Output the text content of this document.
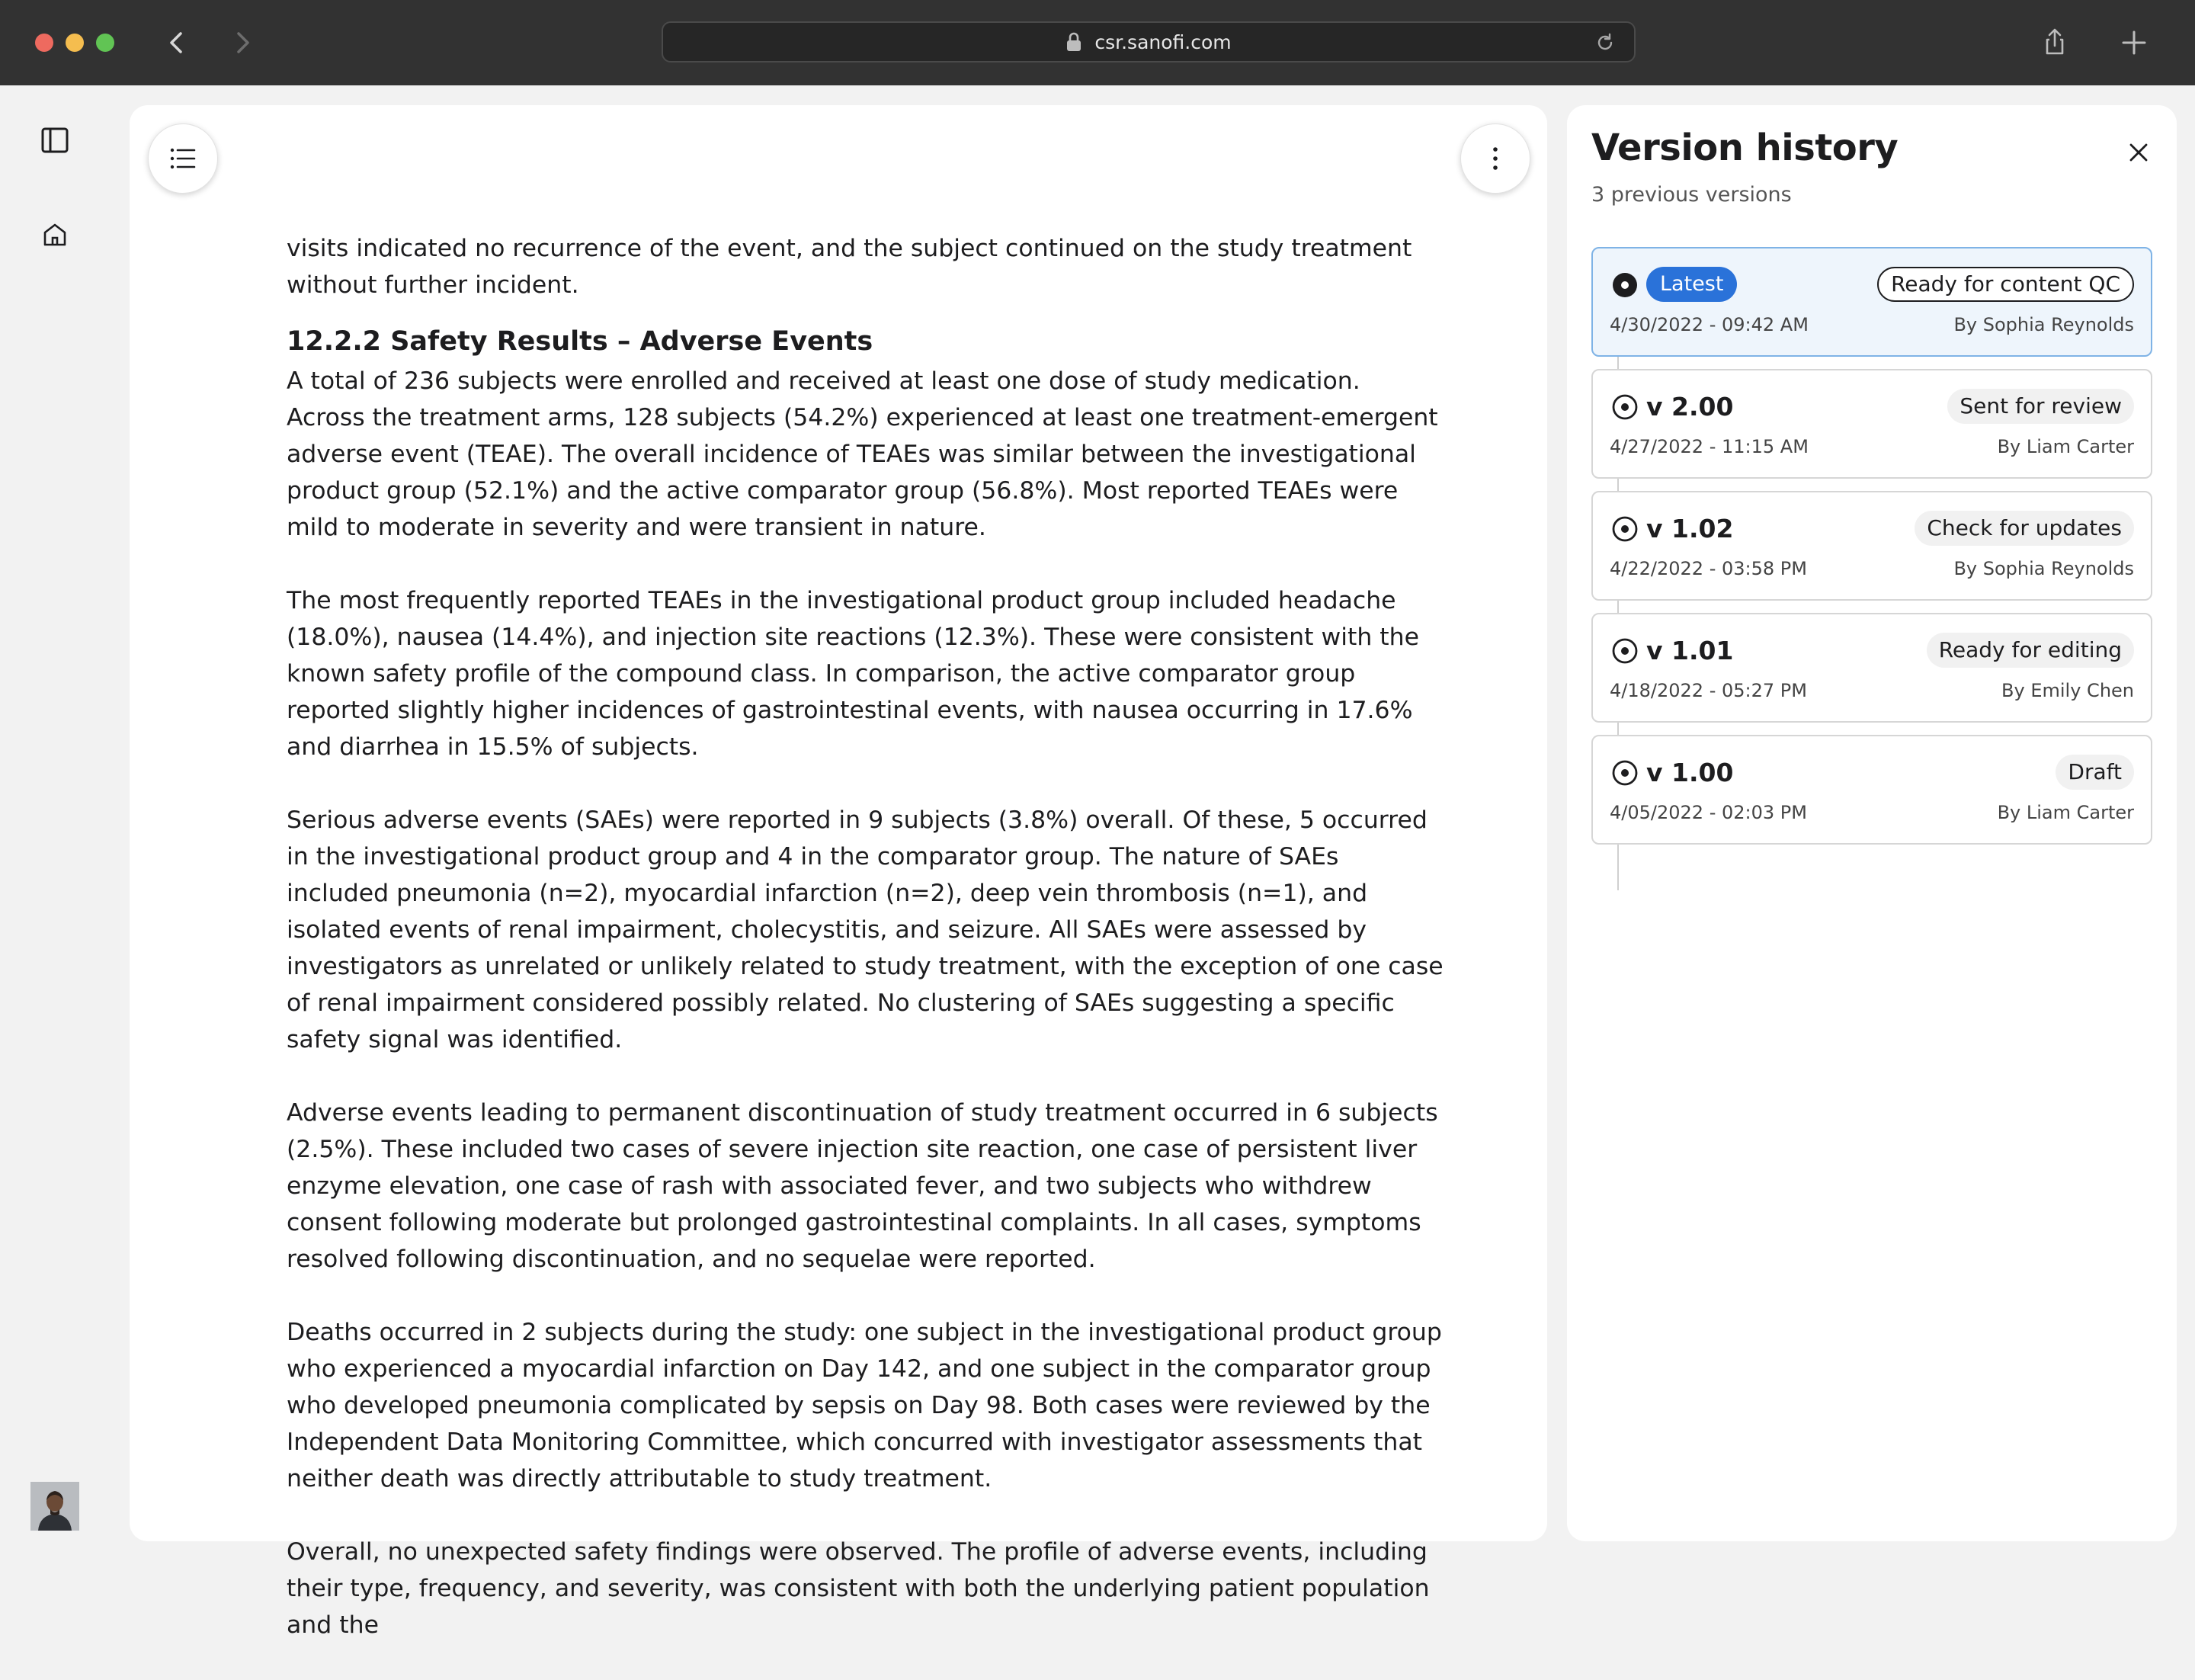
csr.sanofi.com

visits indicated no recurrence of the event, and the subject continued on the study treatment without further incident.

12.2.2 Safety Results – Adverse Events

A total of 236 subjects were enrolled and received at least one dose of study medication. Across the treatment arms, 128 subjects (54.2%) experienced at least one treatment-emergent adverse event (TEAE). The overall incidence of TEAEs was similar between the investigational product group (52.1%) and the active comparator group (56.8%). Most reported TEAEs were mild to moderate in severity and were transient in nature.

The most frequently reported TEAEs in the investigational product group included headache (18.0%), nausea (14.4%), and injection site reactions (12.3%). These were consistent with the known safety profile of the compound class. In comparison, the active comparator group reported slightly higher incidences of gastrointestinal events, with nausea occurring in 17.6% and diarrhea in 15.5% of subjects.

Serious adverse events (SAEs) were reported in 9 subjects (3.8%) overall. Of these, 5 occurred in the investigational product group and 4 in the comparator group. The nature of SAEs included pneumonia (n=2), myocardial infarction (n=2), deep vein thrombosis (n=1), and isolated events of renal impairment, cholecystitis, and seizure. All SAEs were assessed by investigators as unrelated or unlikely related to study treatment, with the exception of one case of renal impairment considered possibly related. No clustering of SAEs suggesting a specific safety signal was identified.

Adverse events leading to permanent discontinuation of study treatment occurred in 6 subjects (2.5%). These included two cases of severe injection site reaction, one case of persistent liver enzyme elevation, one case of rash with associated fever, and two subjects who withdrew consent following moderate but prolonged gastrointestinal complaints. In all cases, symptoms resolved following discontinuation, and no sequelae were reported.

Deaths occurred in 2 subjects during the study: one subject in the investigational product group who experienced a myocardial infarction on Day 142, and one subject in the comparator group who developed pneumonia complicated by sepsis on Day 98. Both cases were reviewed by the Independent Data Monitoring Committee, which concurred with investigator assessments that neither death was directly attributable to study treatment.

Overall, no unexpected safety findings were observed. The profile of adverse events, including their type, frequency, and severity, was consistent with both the underlying patient population and the

Version history
3 previous versions
Latest	Ready for content QC
4/30/2022 - 09:42 AM	By Sophia Reynolds
v 2.00	Sent for review
4/27/2022 - 11:15 AM	By Liam Carter
v 1.02	Check for updates
4/22/2022 - 03:58 PM	By Sophia Reynolds
v 1.01	Ready for editing
4/18/2022 - 05:27 PM	By Emily Chen
v 1.00	Draft
4/05/2022 - 02:03 PM	By Liam Carter
